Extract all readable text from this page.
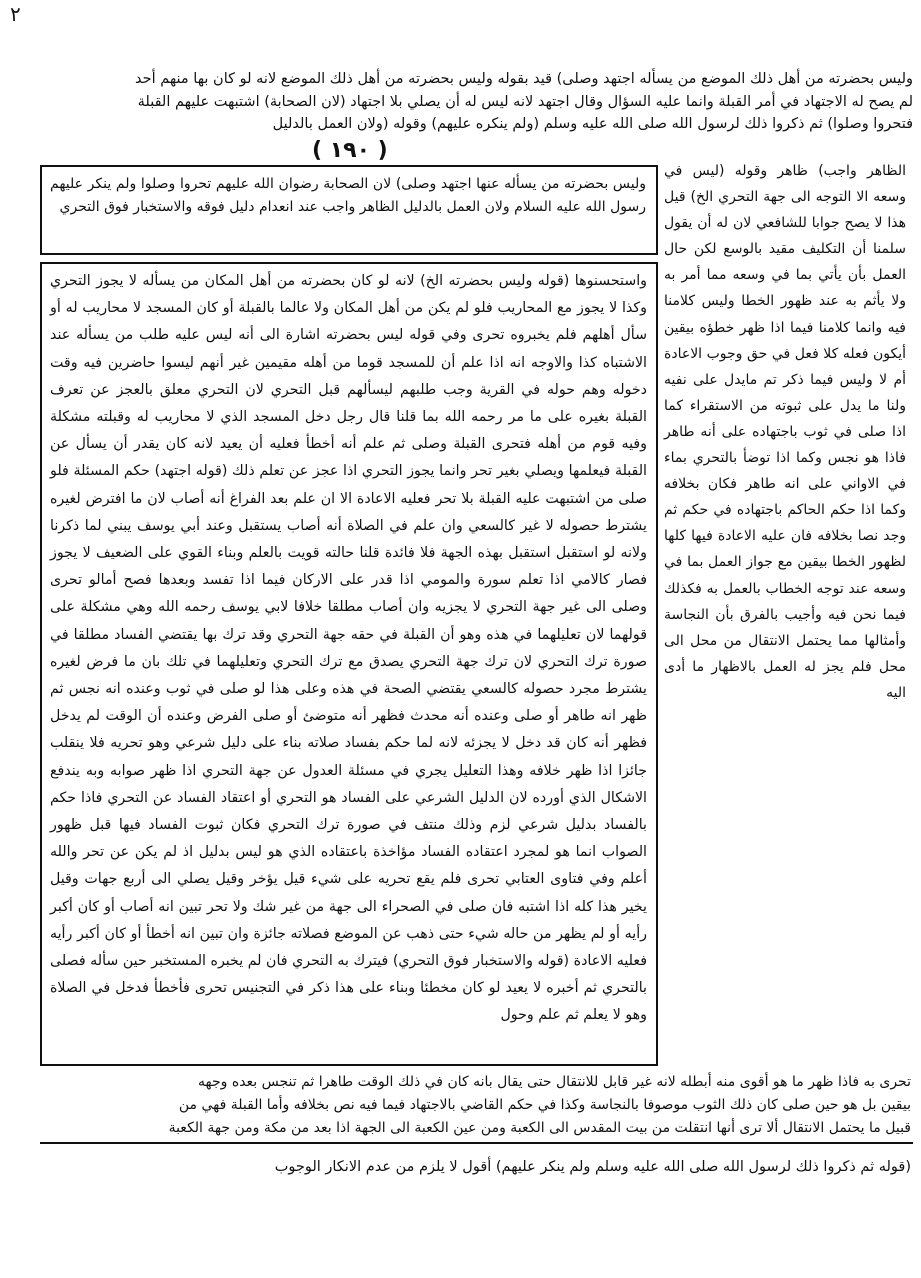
۲

وليس بحضرته من أهل ذلك الموضع من يسأله اجتهد وصلى) قيد بقوله وليس بحضرته من أهل ذلك الموضع لانه لو كان بها منهم أحد

لم يصح له الاجتهاد في أمر القبلة وانما عليه السؤال وقال اجتهد لانه ليس له أن يصلي بلا اجتهاد (لان الصحابة) اشتبهت عليهم القبلة

فتحروا وصلوا) ثم ذكروا ذلك لرسول الله صلى الله عليه وسلم (ولم ينكره عليهم) وقوله (ولان العمل بالدليل

( ١٩٠ )
وليس بحضرته من يسأله عنها اجتهد وصلى) لان الصحابة رضوان الله عليهم تحروا وصلوا ولم ينكر عليهم رسول الله عليه السلام ولان العمل بالدليل الظاهر واجب عند انعدام دليل فوقه والاستخبار فوق التحري

الظاهر واجب) ظاهر وقوله (ليس في وسعه الا التوجه الى جهة التحري الخ) قيل هذا لا يصح جوابا للشافعي لان له أن يقول سلمنا أن التكليف مقيد بالوسع لكن حال العمل بأن يأتي بما في وسعه مما أمر به ولا يأثم به عند ظهور الخطا وليس كلامنا فيه وانما كلامنا فيما اذا ظهر خطؤه بيقين أيكون فعله كلا فعل في حق وجوب الاعادة أم لا وليس فيما ذكر تم مايدل على نفيه ولنا ما يدل على ثبوته من الاستقراء كما اذا صلى في ثوب باجتهاده على أنه طاهر فاذا هو نجس وكما اذا توضأ بالتحري بماء في الاواني على انه طاهر فكان بخلافه وكما اذا حكم الحاكم باجتهاده في حكم ثم وجد نصا بخلافه فان عليه الاعادة فيها كلها لظهور الخطا بيقين مع جواز العمل بما في وسعه عند توجه الخطاب بالعمل به فكذلك فيما نحن فيه وأجيب بالفرق بأن النجاسة وأمثالها مما يحتمل الانتقال من محل الى محل فلم يجز له العمل بالاظهار ما أدى اليه

واستحسنوها (قوله وليس بحضرته الخ) لانه لو كان بحضرته من أهل المكان من يسأله لا يجوز التحري وكذا لا يجوز مع المحاريب فلو لم يكن من أهل المكان ولا عالما بالقبلة أو كان المسجد لا محاريب له أو سأل أهلهم فلم يخبروه تحرى وفي قوله ليس بحضرته اشارة الى أنه ليس عليه طلب من يسأله عند الاشتباه كذا والاوجه انه اذا علم أن للمسجد قوما من أهله مقيمين غير أنهم ليسوا حاضرين فيه وقت دخوله وهم حوله في القرية وجب طلبهم ليسألهم قبل التحري لان التحري معلق بالعجز عن تعرف القبلة بغيره على ما مر رحمه الله بما قلنا قال رجل دخل المسجد الذي لا محاريب له وقبلته مشكلة وفيه قوم من أهله فتحرى القبلة وصلى ثم علم أنه أخطأ فعليه أن يعيد لانه كان يقدر أن يسأل عن القبلة فيعلمها ويصلي بغير تحر وانما يجوز التحري اذا عجز عن تعلم ذلك (قوله اجتهد) حكم المسئلة فلو صلى من اشتبهت عليه القبلة بلا تحر فعليه الاعادة الا ان علم بعد الفراغ أنه أصاب لان ما افترض لغيره يشترط حصوله لا غير كالسعي وان علم في الصلاة أنه أصاب يستقبل وعند أبي يوسف يبني لما ذكرنا ولانه لو استقبل استقبل بهذه الجهة فلا فائدة قلنا حالته قويت بالعلم وبناء القوي على الضعيف لا يجوز فصار كالامي اذا تعلم سورة والمومي اذا قدر على الاركان فيما اذا تفسد وبعدها فصح أمالو تحرى وصلى الى غير جهة التحري لا يجزيه وان أصاب مطلقا خلافا لابي يوسف رحمه الله وهي مشكلة على قولهما لان تعليلهما في هذه وهو أن القبلة في حقه جهة التحري وقد ترك بها يقتضي الفساد مطلقا في صورة ترك التحري لان ترك جهة التحري يصدق مع ترك التحري وتعليلهما في تلك بان ما فرض لغيره يشترط مجرد حصوله كالسعي يقتضي الصحة في هذه وعلى هذا لو صلى في ثوب وعنده انه نجس ثم ظهر انه طاهر أو صلى وعنده أنه محدث فظهر أنه متوضئ أو صلى الفرض وعنده أن الوقت لم يدخل فظهر أنه كان قد دخل لا يجزئه لانه لما حكم بفساد صلاته بناء على دليل شرعي وهو تحريه فلا ينقلب جائزا اذا ظهر خلافه وهذا التعليل يجري في مسئلة العدول عن جهة التحري اذا ظهر صوابه وبه يندفع الاشكال الذي أورده لان الدليل الشرعي على الفساد هو التحري أو اعتقاد الفساد عن التحري فاذا حكم بالفساد بدليل شرعي لزم وذلك منتف في صورة ترك التحري فكان ثبوت الفساد فيها قبل ظهور الصواب انما هو لمجرد اعتقاده الفساد مؤاخذة باعتقاده الذي هو ليس بدليل اذ لم يكن عن تحر والله أعلم وفي فتاوى العتابي تحرى فلم يقع تحريه على شيء قيل يؤخر وقيل يصلي الى أربع جهات وقيل يخير هذا كله اذا اشتبه فان صلى في الصحراء الى جهة من غير شك ولا تحر تبين انه أصاب أو كان أكبر رأيه أو لم يظهر من حاله شيء حتى ذهب عن الموضع فصلاته جائزة وان تبين انه أخطأ أو كان أكبر رأيه فعليه الاعادة (قوله والاستخبار فوق التحري) فيترك به التحري فان لم يخبره المستخبر حين سأله فصلى بالتحري ثم أخبره لا يعيد لو كان مخطئا وبناء على هذا ذكر في التجنيس تحرى فأخطأ فدخل في الصلاة وهو لا يعلم ثم علم وحول

تحرى به فاذا ظهر ما هو أقوى منه أبطله لانه غير قابل للانتقال حتى يقال بانه كان في ذلك الوقت طاهرا ثم تنجس بعده وجهه

بيقين بل هو حين صلى كان ذلك الثوب موصوفا بالنجاسة وكذا في حكم القاضي بالاجتهاد فيما فيه نص بخلافه وأما القبلة فهي من

قبيل ما يحتمل الانتقال ألا ترى أنها انتقلت من بيت المقدس الى الكعبة ومن عين الكعبة الى الجهة اذا بعد من مكة ومن جهة الكعبة

(قوله ثم ذكروا ذلك لرسول الله صلى الله عليه وسلم ولم ينكر عليهم) أقول لا يلزم من عدم الانكار الوجوب
